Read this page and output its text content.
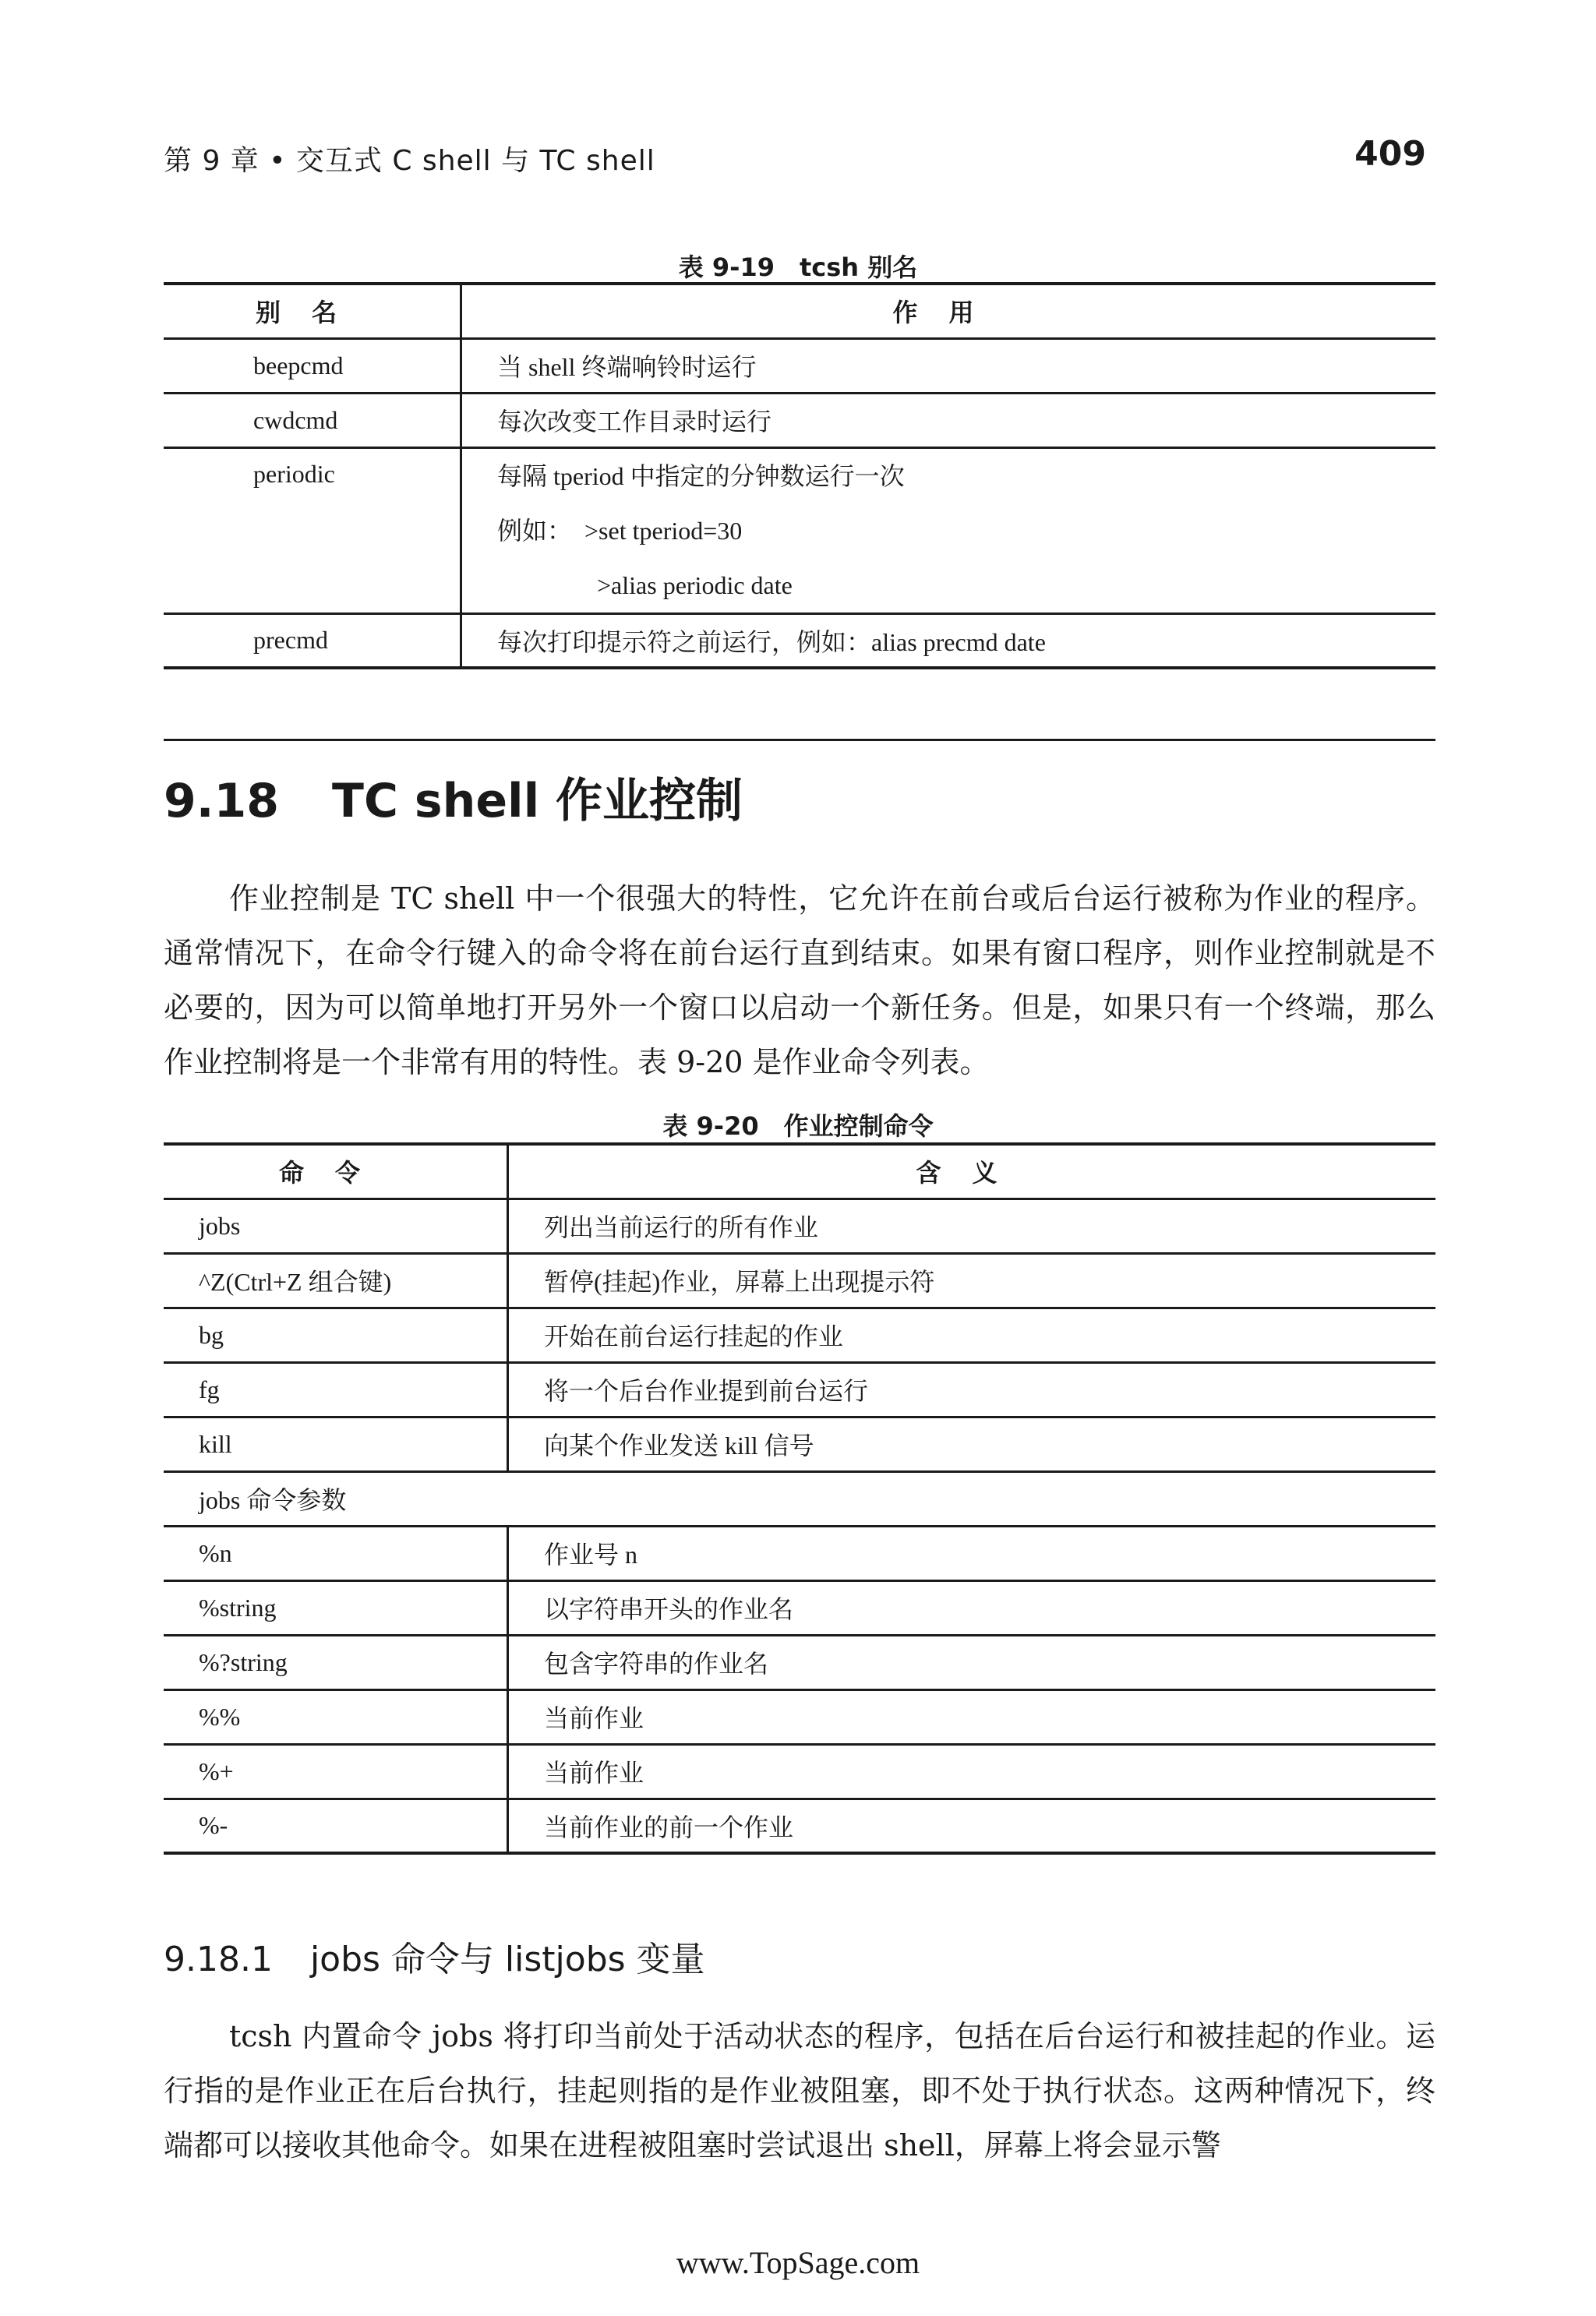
第 9 章 • 交互式 C shell 与 TC shell	409
表 9-19　tcsh 别名
别名	作用
beepcmd	当 shell 终端响铃时运行
cwdcmd	每次改变工作目录时运行
periodic	每隔 tperiod 中指定的分钟数运行一次
例如：　>set tperiod=30
　　　　>alias periodic date

precmd	每次打印提示符之前运行，例如：alias precmd date
9.18 TC shell 作业控制
作业控制是 TC shell 中一个很强大的特性，它允许在前台或后台运行被称为作业的程序。通常情况下，在命令行键入的命令将在前台运行直到结束。如果有窗口程序，则作业控制就是不必要的，因为可以简单地打开另外一个窗口以启动一个新任务。但是，如果只有一个终端，那么作业控制将是一个非常有用的特性。表 9-20 是作业命令列表。
表 9-20　作业控制命令
命令	含义
jobs	列出当前运行的所有作业
^Z(Ctrl+Z 组合键)	暂停(挂起)作业，屏幕上出现提示符
bg	开始在前台运行挂起的作业
fg	将一个后台作业提到前台运行
kill	向某个作业发送 kill 信号
jobs 命令参数	
%n	作业号 n
%string	以字符串开头的作业名
%?string	包含字符串的作业名
%%	当前作业
%+	当前作业
%-	当前作业的前一个作业
9.18.1 jobs 命令与 listjobs 变量
tcsh 内置命令 jobs 将打印当前处于活动状态的程序，包括在后台运行和被挂起的作业。运行指的是作业正在后台执行，挂起则指的是作业被阻塞，即不处于执行状态。这两种情况下，终端都可以接收其他命令。如果在进程被阻塞时尝试退出 shell，屏幕上将会显示警
www.TopSage.com
